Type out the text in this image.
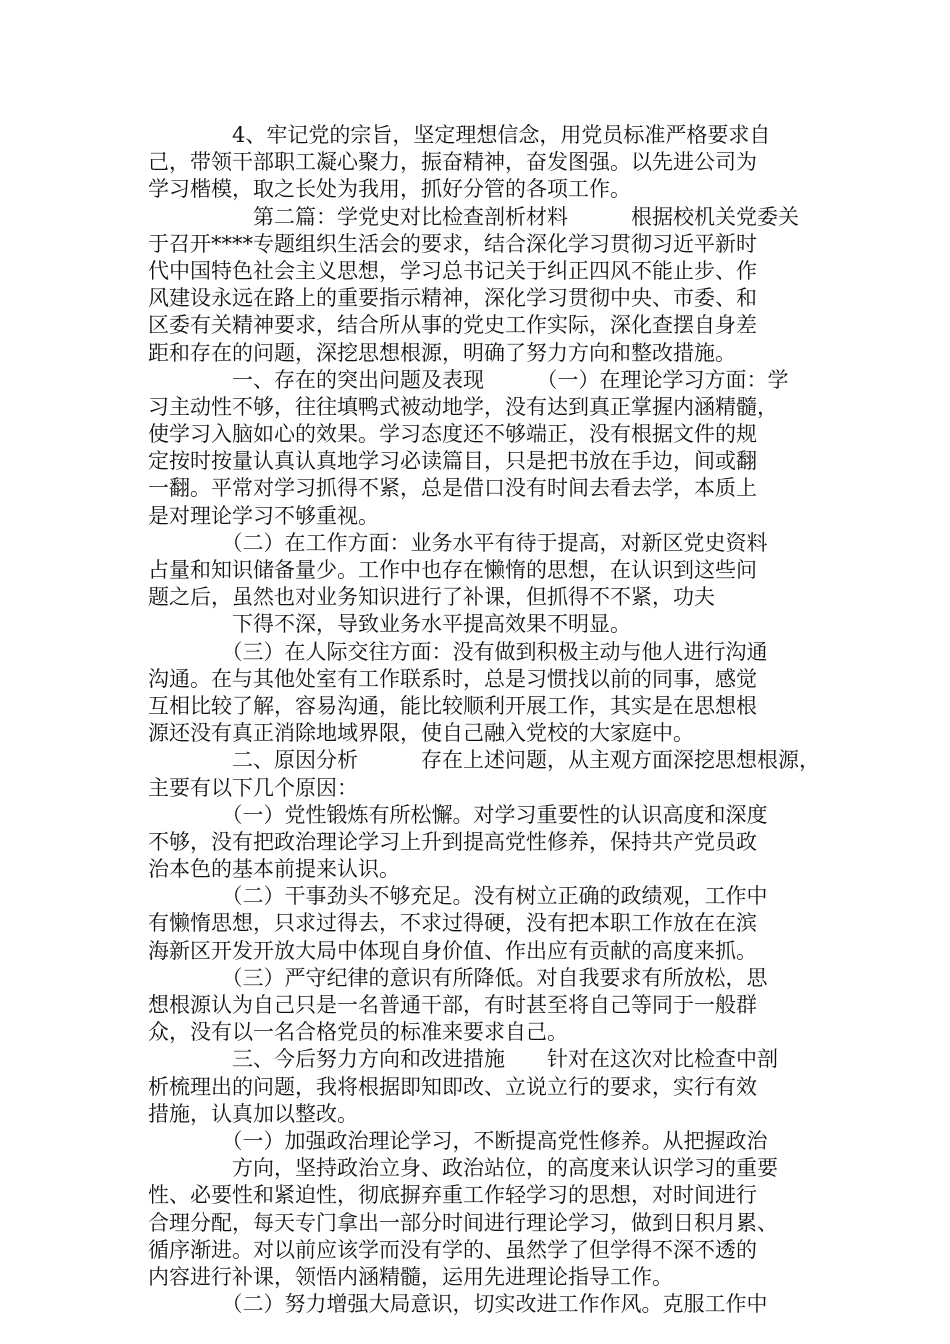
　　　　4、牢记党的宗旨，坚定理想信念，用党员标准严格要求自
己，带领干部职工凝心聚力，振奋精神，奋发图强。以先进公司为
学习楷模，取之长处为我用，抓好分管的各项工作。
　　　　　第二篇：学党史对比检查剖析材料　　　根据校机关党委关
于召开****专题组织生活会的要求，结合深化学习贯彻习近平新时
代中国特色社会主义思想，学习总书记关于纠正四风不能止步、作
风建设永远在路上的重要指示精神，深化学习贯彻中央、市委、和
区委有关精神要求，结合所从事的党史工作实际，深化查摆自身差
距和存在的问题，深挖思想根源，明确了努力方向和整改措施。
　　　　一、存在的突出问题及表现　　　（一）在理论学习方面：学
习主动性不够，往往填鸭式被动地学，没有达到真正掌握内涵精髓，
使学习入脑如心的效果。学习态度还不够端正，没有根据文件的规
定按时按量认真认真地学习必读篇目，只是把书放在手边，间或翻
一翻。平常对学习抓得不紧，总是借口没有时间去看去学，本质上
是对理论学习不够重视。
　　　　（二）在工作方面：业务水平有待于提高，对新区党史资料
占量和知识储备量少。工作中也存在懒惰的思想，在认识到这些问
题之后，虽然也对业务知识进行了补课，但抓得不不紧，功夫
　　　　下得不深，导致业务水平提高效果不明显。
　　　　（三）在人际交往方面：没有做到积极主动与他人进行沟通
沟通。在与其他处室有工作联系时，总是习惯找以前的同事，感觉
互相比较了解，容易沟通，能比较顺利开展工作，其实是在思想根
源还没有真正消除地域界限，使自己融入党校的大家庭中。
　　　　二、原因分析　　　存在上述问题，从主观方面深挖思想根源，
主要有以下几个原因：
　　　　（一）党性锻炼有所松懈。对学习重要性的认识高度和深度
不够，没有把政治理论学习上升到提高党性修养，保持共产党员政
治本色的基本前提来认识。
　　　　（二）干事劲头不够充足。没有树立正确的政绩观，工作中
有懒惰思想，只求过得去，不求过得硬，没有把本职工作放在在滨
海新区开发开放大局中体现自身价值、作出应有贡献的高度来抓。
　　　　（三）严守纪律的意识有所降低。对自我要求有所放松，思
想根源认为自己只是一名普通干部，有时甚至将自己等同于一般群
众，没有以一名合格党员的标准来要求自己。
　　　　三、今后努力方向和改进措施　　针对在这次对比检查中剖
析梳理出的问题，我将根据即知即改、立说立行的要求，实行有效
措施，认真加以整改。
　　　　（一）加强政治理论学习，不断提高党性修养。从把握政治
　　　　方向，坚持政治立身、政治站位，的高度来认识学习的重要
性、必要性和紧迫性，彻底摒弃重工作轻学习的思想，对时间进行
合理分配，每天专门拿出一部分时间进行理论学习，做到日积月累、
循序渐进。对以前应该学而没有学的、虽然学了但学得不深不透的
内容进行补课，领悟内涵精髓，运用先进理论指导工作。
　　　　（二）努力增强大局意识，切实改进工作作风。克服工作中
